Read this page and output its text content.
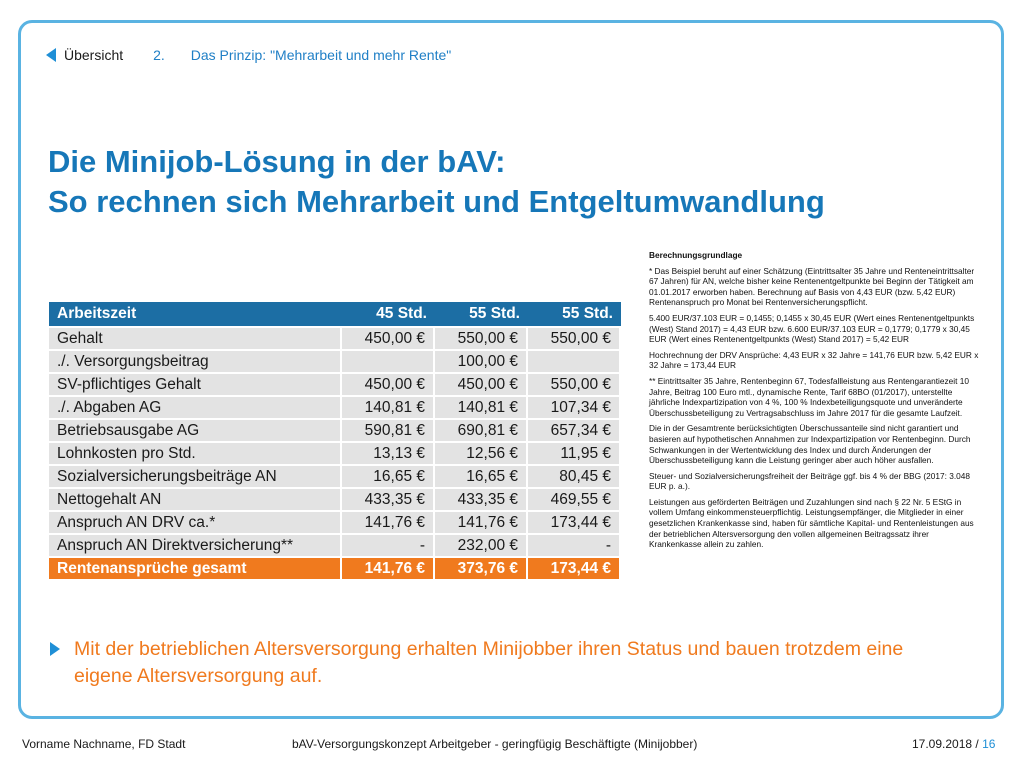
Übersicht 2. Das Prinzip: "Mehrarbeit und mehr Rente"
Die Minijob-Lösung in der bAV:
So rechnen sich Mehrarbeit und Entgeltumwandlung
Arbeitszeit	45 Std.	55 Std.	55 Std.
Gehalt	450,00 €	550,00 €	550,00 €
./. Versorgungsbeitrag		100,00 €	
SV-pflichtiges Gehalt	450,00 €	450,00 €	550,00 €
./. Abgaben AG	140,81 €	140,81 €	107,34 €
Betriebsausgabe AG	590,81 €	690,81 €	657,34 €
Lohnkosten pro Std.	13,13 €	12,56 €	11,95 €
Sozialversicherungsbeiträge AN	16,65 €	16,65 €	80,45 €
Nettogehalt AN	433,35 €	433,35 €	469,55 €
Anspruch AN DRV ca.*	141,76 €	141,76 €	173,44 €
Anspruch AN Direktversicherung**	-	232,00 €	-
Rentenansprüche gesamt	141,76 €	373,76 €	173,44 €
Berechnungsgrundlage

* Das Beispiel beruht auf einer Schätzung (Eintrittsalter 35 Jahre und Renteneintrittsalter 67 Jahren) für AN, welche bisher keine Rentenentgeltpunkte bei Beginn der Tätigkeit am 01.01.2017 erworben haben. Berechnung auf Basis von 4,43 EUR (bzw. 5,42 EUR) Rentenanspruch pro Monat bei Rentenversicherungspflicht.

5.400 EUR/37.103 EUR = 0,1455; 0,1455 x 30,45 EUR (Wert eines Rentenentgeltpunkts (West) Stand 2017) = 4,43 EUR bzw. 6.600 EUR/37.103 EUR = 0,1779; 0,1779 x 30,45 EUR (Wert eines Rentenentgeltpunkts (West) Stand 2017) = 5,42 EUR

Hochrechnung der DRV Ansprüche: 4,43 EUR x 32 Jahre = 141,76 EUR bzw. 5,42 EUR x 32 Jahre = 173,44 EUR

** Eintrittsalter 35 Jahre, Rentenbeginn 67, Todesfallleistung aus Rentengarantiezeit 10 Jahre, Beitrag 100 Euro mtl., dynamische Rente, Tarif 68BO (01/2017), unterstellte jährliche Indexpartizipation von 4 %, 100 % Indexbeteiligungsquote und unveränderte Überschussbeteiligung zu Vertragsabschluss im Jahre 2017 für die gesamte Laufzeit.

Die in der Gesamtrente berücksichtigten Überschussanteile sind nicht garantiert und basieren auf hypothetischen Annahmen zur Indexpartizipation vor Rentenbeginn. Durch Schwankungen in der Wertentwicklung des Index und durch Änderungen der Überschussbeteiligung kann die Leistung geringer aber auch höher ausfallen.

Steuer- und Sozialversicherungsfreiheit der Beiträge ggf. bis 4 % der BBG (2017: 3.048 EUR p. a.).

Leistungen aus geförderten Beiträgen und Zuzahlungen sind nach § 22 Nr. 5 EStG in vollem Umfang einkommensteuerpflichtig. Leistungsempfänger, die Mitglieder in einer gesetzlichen Krankenkasse sind, haben für sämtliche Kapital- und Rentenleistungen aus der betrieblichen Altersversorgung den vollen allgemeinen Beitragssatz ihrer Krankenkasse allein zu zahlen.

Mit der betrieblichen Altersversorgung erhalten Minijobber ihren Status und bauen trotzdem eine eigene Altersversorgung auf.
Vorname Nachname, FD Stadt	bAV-Versorgungskonzept Arbeitgeber - geringfügig Beschäftigte (Minijobber)	17.09.2018 / 16
